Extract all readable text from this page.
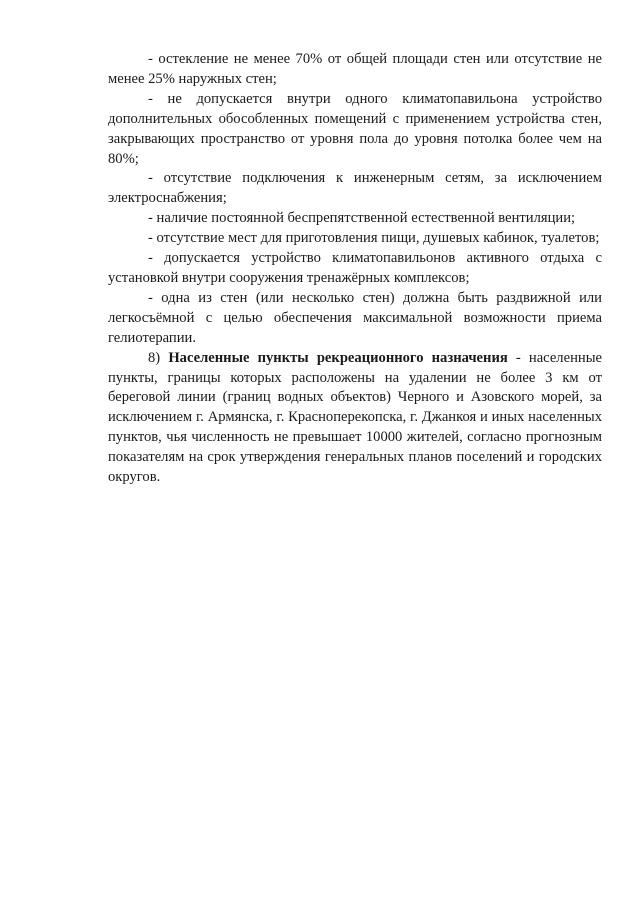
- остекление не менее 70% от общей площади стен или отсутствие не менее 25% наружных стен;

- не допускается внутри одного климатопавильона устройство дополнительных обособленных помещений с применением устройства стен, закрывающих пространство от уровня пола до уровня потолка более чем на 80%;

- отсутствие подключения к инженерным сетям, за исключением электроснабжения;

- наличие постоянной беспрепятственной естественной вентиляции;

- отсутствие мест для приготовления пищи, душевых кабинок, туалетов;

- допускается устройство климатопавильонов активного отдыха с установкой внутри сооружения тренажёрных комплексов;

- одна из стен (или несколько стен) должна быть раздвижной или легкосъёмной с целью обеспечения максимальной возможности приема гелиотерапии.

8) Населенные пункты рекреационного назначения - населенные пункты, границы которых расположены на удалении не более 3 км от береговой линии (границ водных объектов) Черного и Азовского морей, за исключением г. Армянска, г. Красноперекопска, г. Джанкоя и иных населенных пунктов, чья численность не превышает 10000 жителей, согласно прогнозным показателям на срок утверждения генеральных планов поселений и городских округов.
